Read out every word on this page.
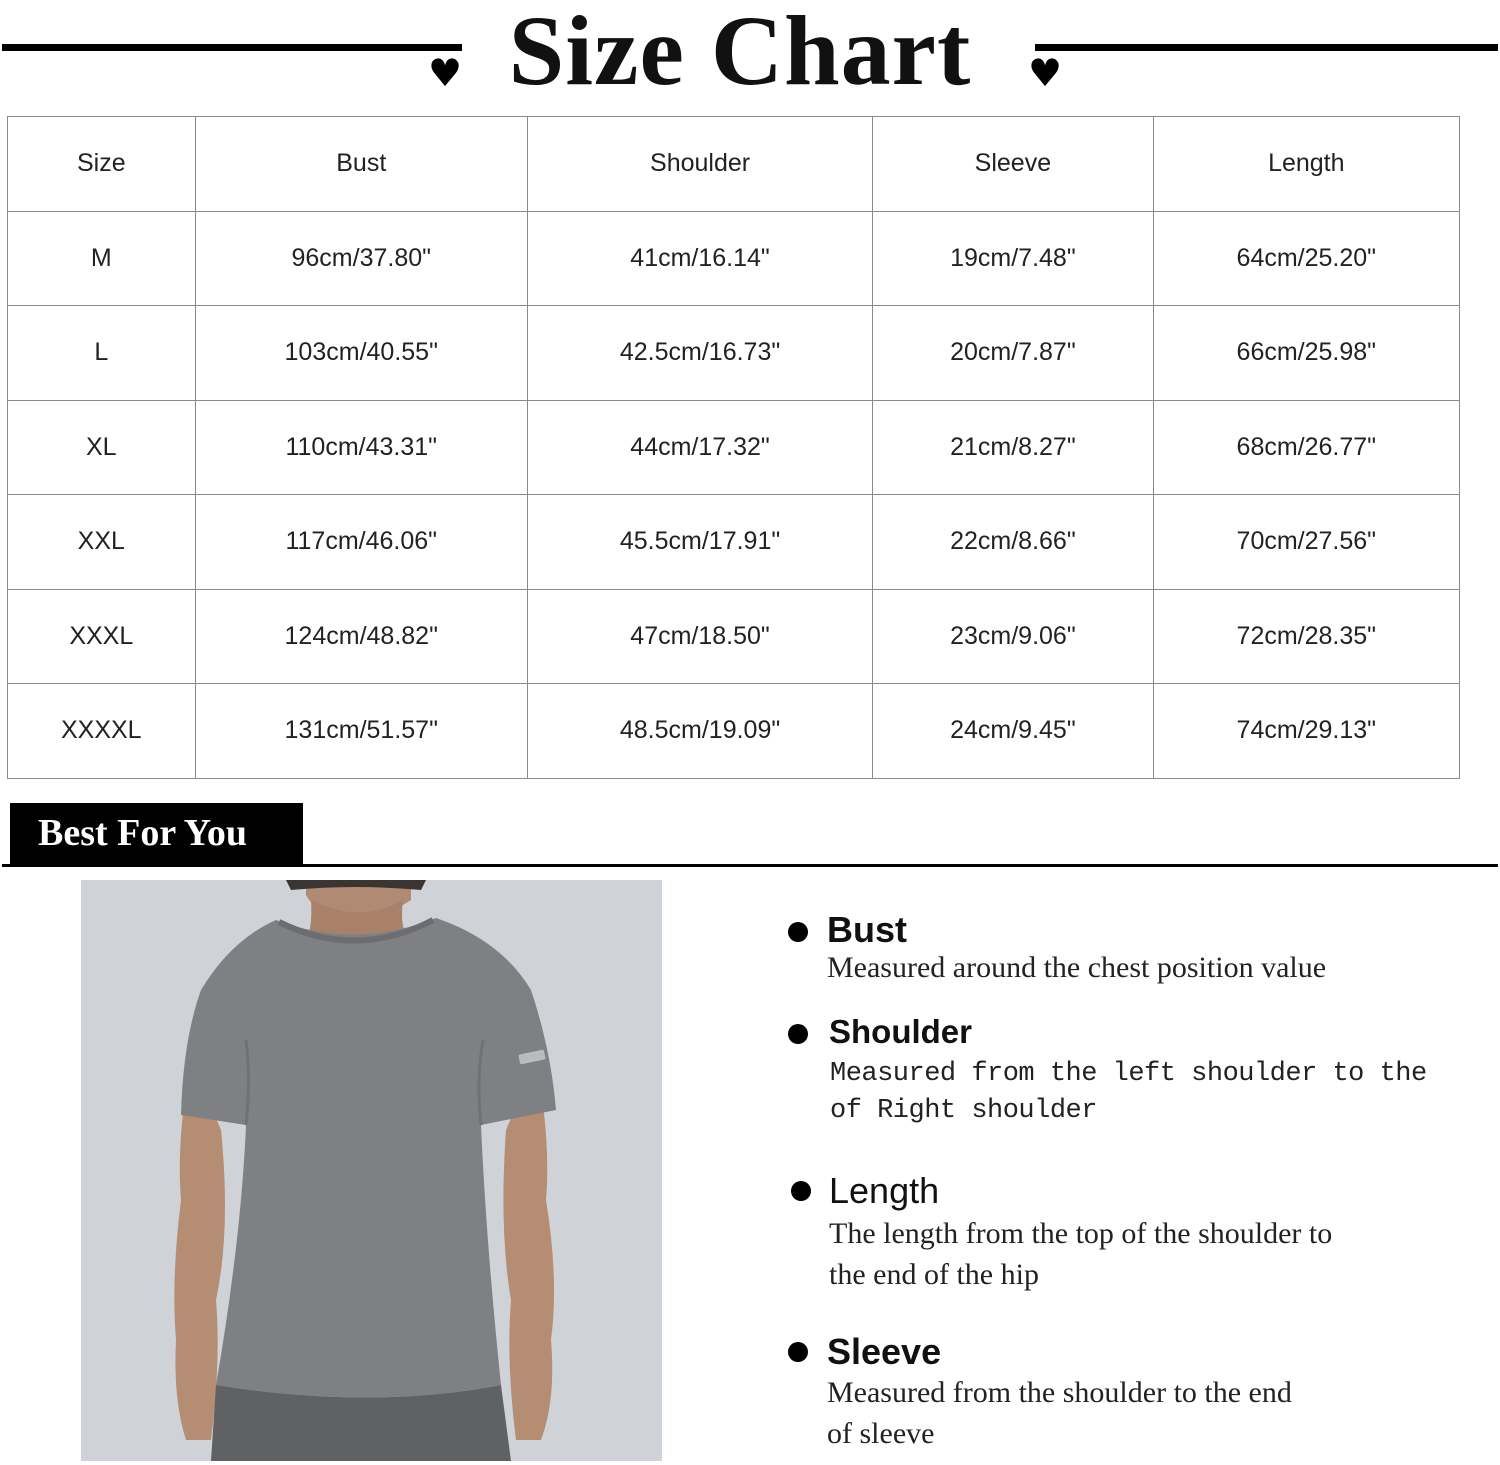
♥ Size Chart	♥
Size	Bust	Shoulder	Sleeve	Length
M	96cm/37.80"	41cm/16.14"	19cm/7.48"	64cm/25.20"
L	103cm/40.55"	42.5cm/16.73"	20cm/7.87"	66cm/25.98"
XL	110cm/43.31"	44cm/17.32"	21cm/8.27"	68cm/26.77"
XXL	117cm/46.06"	45.5cm/17.91"	22cm/8.66"	70cm/27.56"
XXXL	124cm/48.82"	47cm/18.50"	23cm/9.06"	72cm/28.35"
XXXXL	131cm/51.57"	48.5cm/19.09"	24cm/9.45"	74cm/29.13"
Best For You
Bust
Measured around the chest position value
Shoulder
Measured from the left shoulder to the
of Right shoulder
Length
The length from the top of the shoulder to
the end of the hip
Sleeve
Measured from the shoulder to the end
of sleeve
